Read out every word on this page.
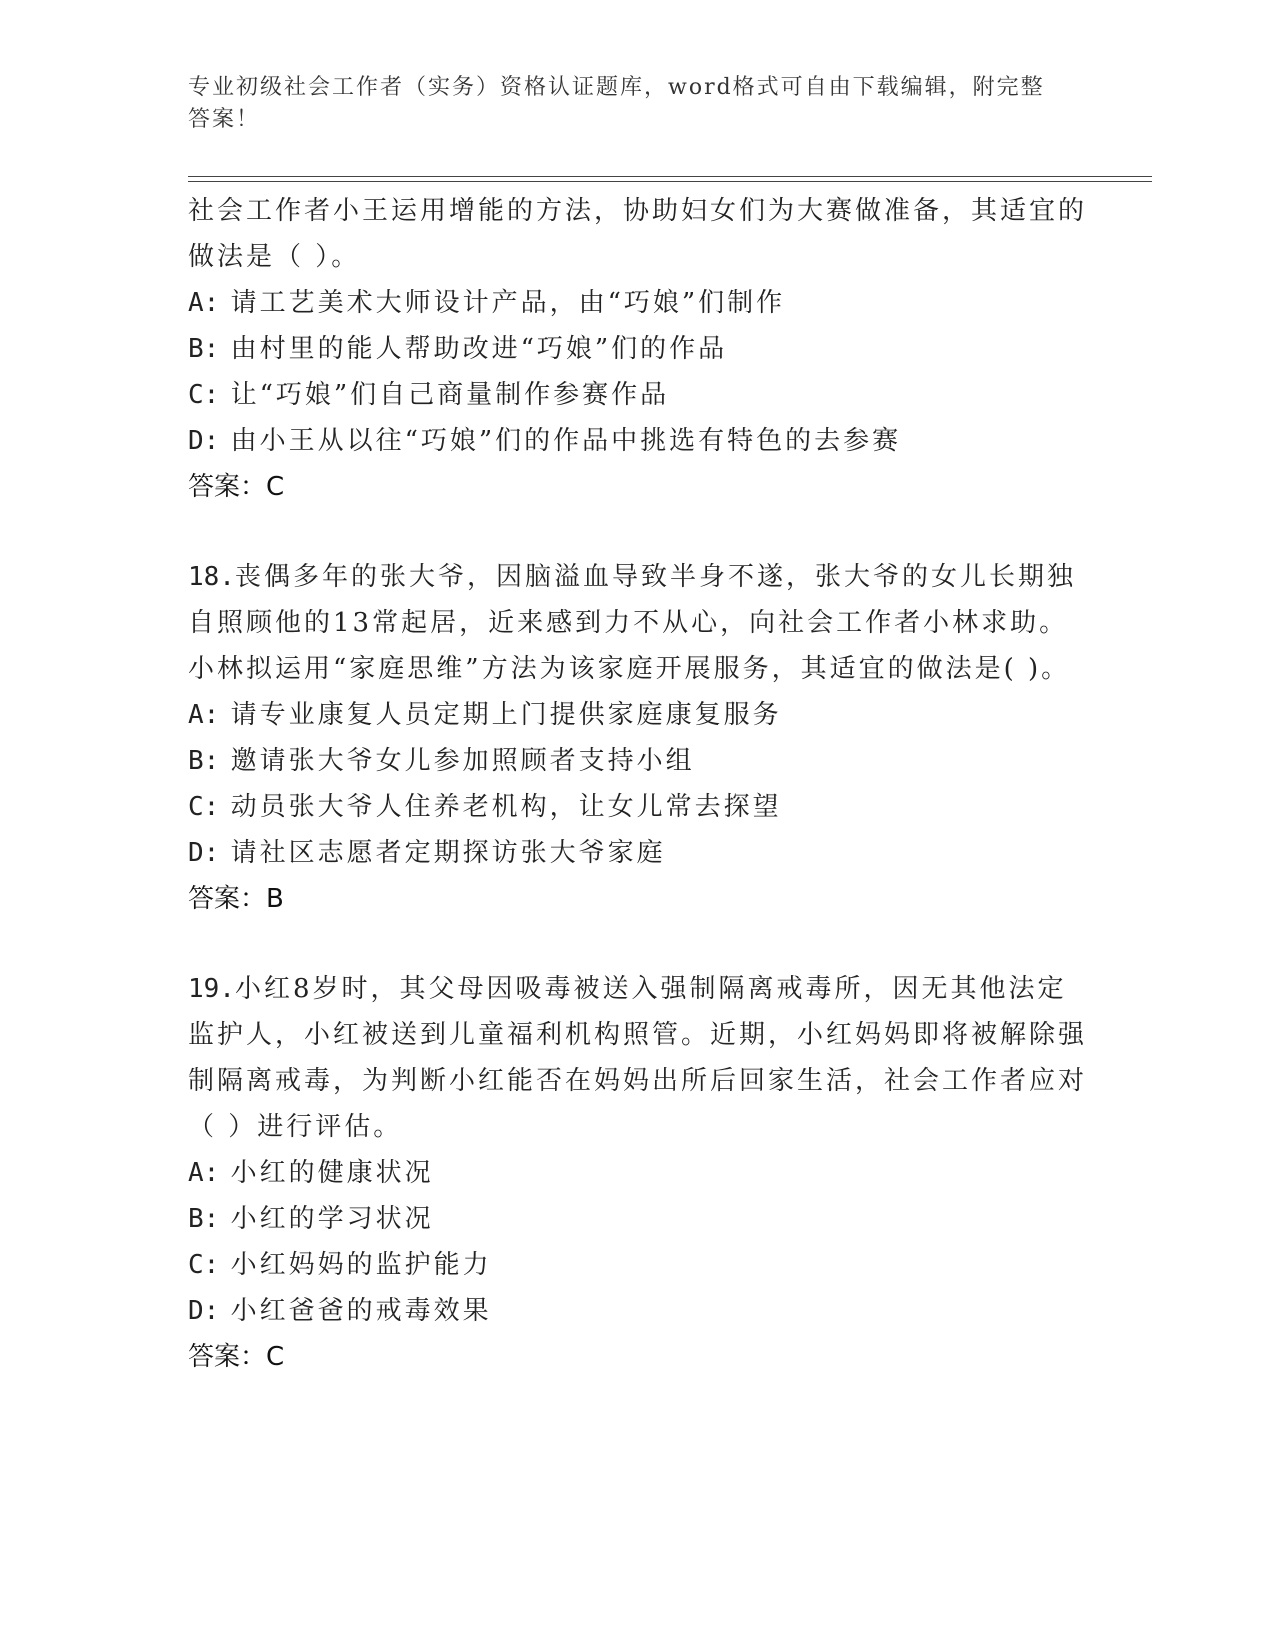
专业初级社会工作者（实务）资格认证题库，word格式可自由下载编辑，附完整答案！

社会工作者小王运用增能的方法，协助妇女们为大赛做准备，其适宜的做法是（ ）。

A: 请工艺美术大师设计产品，由“巧娘”们制作

B: 由村里的能人帮助改进“巧娘”们的作品

C: 让“巧娘”们自己商量制作参赛作品

D: 由小王从以往“巧娘”们的作品中挑选有特色的去参赛

答案：C

18.丧偶多年的张大爷，因脑溢血导致半身不遂，张大爷的女儿长期独自照顾他的13常起居，近来感到力不从心，向社会工作者小林求助。小林拟运用“家庭思维”方法为该家庭开展服务，其适宜的做法是( )。

A: 请专业康复人员定期上门提供家庭康复服务

B: 邀请张大爷女儿参加照顾者支持小组

C: 动员张大爷人住养老机构，让女儿常去探望

D: 请社区志愿者定期探访张大爷家庭

答案：B

19.小红8岁时，其父母因吸毒被送入强制隔离戒毒所，因无其他法定监护人，小红被送到儿童福利机构照管。近期，小红妈妈即将被解除强制隔离戒毒，为判断小红能否在妈妈出所后回家生活，社会工作者应对（ ）进行评估。

A: 小红的健康状况

B: 小红的学习状况

C: 小红妈妈的监护能力

D: 小红爸爸的戒毒效果

答案：C
